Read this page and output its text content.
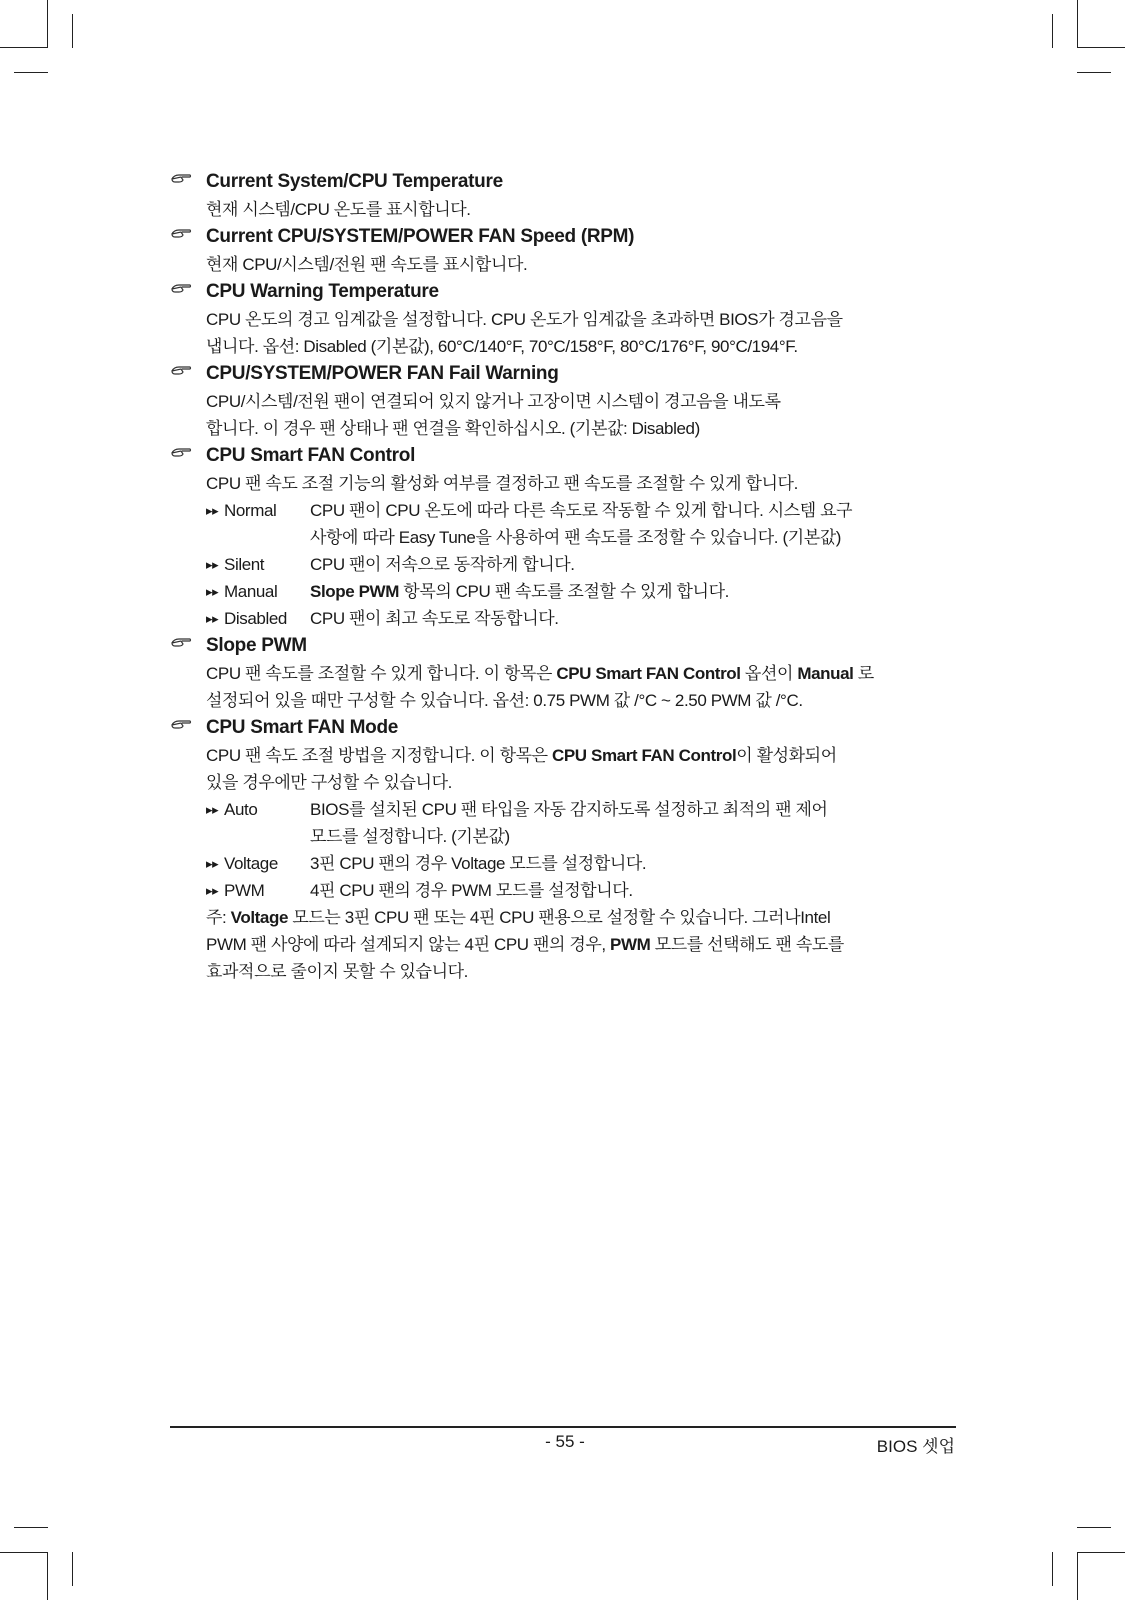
Current System/CPU Temperature
현재 시스템/CPU 온도를 표시합니다.
Current CPU/SYSTEM/POWER FAN Speed (RPM)
현재 CPU/시스템/전원 팬 속도를 표시합니다.
CPU Warning Temperature
CPU 온도의 경고 임계값을 설정합니다. CPU 온도가 임계값을 초과하면 BIOS가 경고음을
냅니다. 옵션: Disabled (기본값), 60°C/140°F, 70°C/158°F, 80°C/176°F, 90°C/194°F.
CPU/SYSTEM/POWER FAN Fail Warning
CPU/시스템/전원 팬이 연결되어 있지 않거나 고장이면 시스템이 경고음을 내도록
합니다. 이 경우 팬 상태나 팬 연결을 확인하십시오. (기본값: Disabled)
CPU Smart FAN Control
CPU 팬 속도 조절 기능의 활성화 여부를 결정하고 팬 속도를 조절할 수 있게 합니다.
▸▸ Normal	CPU 팬이 CPU 온도에 따라 다른 속도로 작동할 수 있게 합니다. 시스템 요구
사항에 따라 Easy Tune을 사용하여 팬 속도를 조정할 수 있습니다. (기본값)
▸▸ Silent	CPU 팬이 저속으로 동작하게 합니다.
▸▸ Manual	Slope PWM 항목의 CPU 팬 속도를 조절할 수 있게 합니다.
▸▸ Disabled	CPU 팬이 최고 속도로 작동합니다.
Slope PWM
CPU 팬 속도를 조절할 수 있게 합니다. 이 항목은 CPU Smart FAN Control 옵션이 Manual 로
설정되어 있을 때만 구성할 수 있습니다. 옵션: 0.75 PWM 값 /°C ~ 2.50 PWM 값 /°C.
CPU Smart FAN Mode
CPU 팬 속도 조절 방법을 지정합니다. 이 항목은 CPU Smart FAN Control이 활성화되어
있을 경우에만 구성할 수 있습니다.
▸▸ Auto	BIOS를 설치된 CPU 팬 타입을 자동 감지하도록 설정하고 최적의 팬 제어
모드를 설정합니다. (기본값)
▸▸ Voltage	3핀 CPU 팬의 경우 Voltage 모드를 설정합니다.
▸▸ PWM	4핀 CPU 팬의 경우 PWM 모드를 설정합니다.
주: Voltage 모드는 3핀 CPU 팬 또는 4핀 CPU 팬용으로 설정할 수 있습니다. 그러나Intel
PWM 팬 사양에 따라 설계되지 않는 4핀 CPU 팬의 경우, PWM 모드를 선택해도 팬 속도를
효과적으로 줄이지 못할 수 있습니다.
- 55 -	BIOS 셋업
